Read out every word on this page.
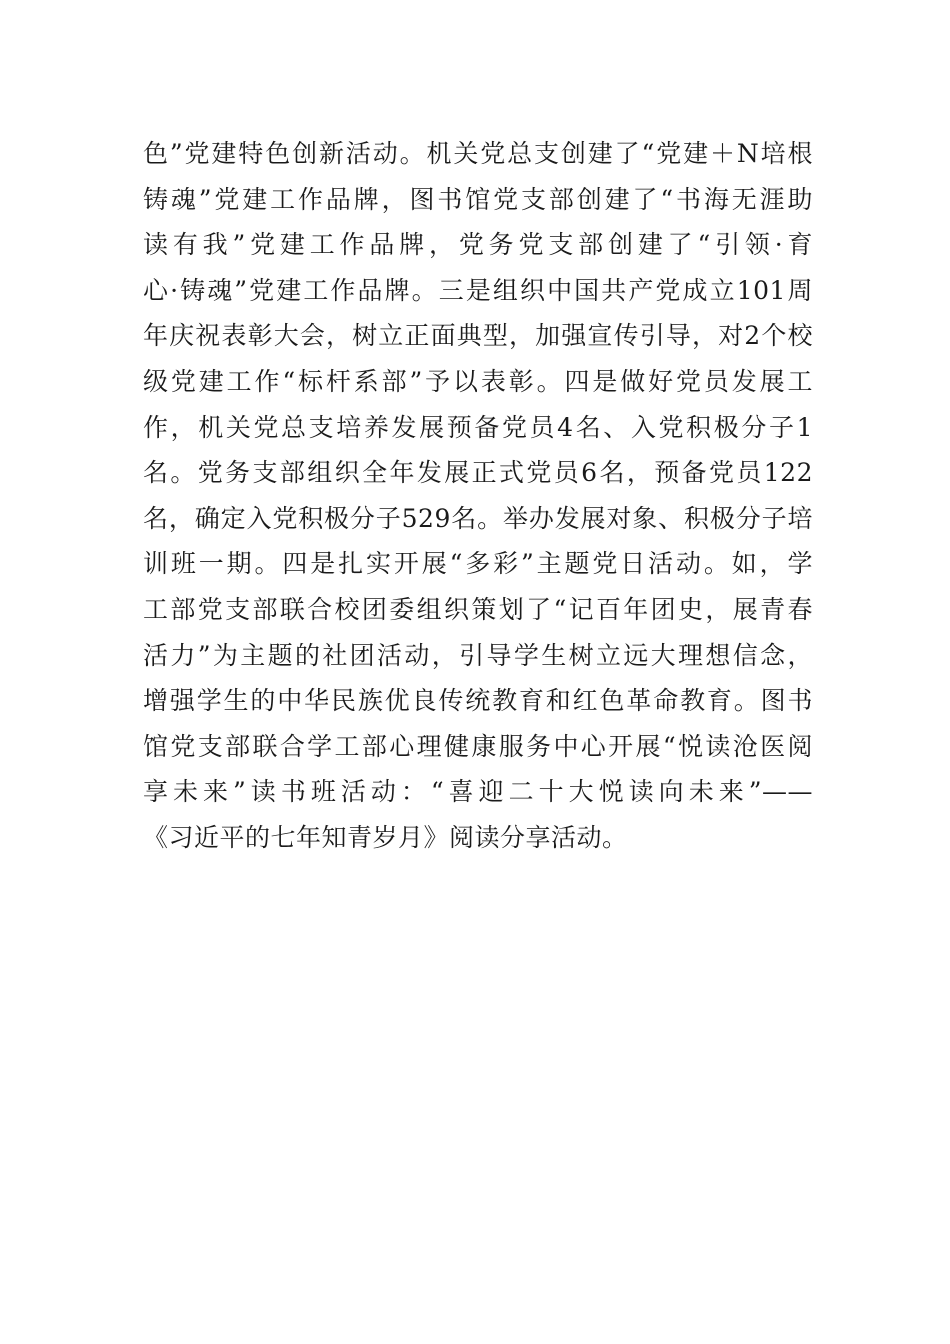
色”党建特色创新活动。机关党总支创建了“党建＋N培根
铸魂”党建工作品牌，图书馆党支部创建了“书海无涯助
读有我”党建工作品牌，党务党支部创建了“引领·育
心·铸魂”党建工作品牌。三是组织中国共产党成立101周
年庆祝表彰大会，树立正面典型，加强宣传引导，对2个校
级党建工作“标杆系部”予以表彰。四是做好党员发展工
作，机关党总支培养发展预备党员4名、入党积极分子1
名。党务支部组织全年发展正式党员6名，预备党员122
名，确定入党积极分子529名。举办发展对象、积极分子培
训班一期。四是扎实开展“多彩”主题党日活动。如，学
工部党支部联合校团委组织策划了“记百年团史，展青春
活力”为主题的社团活动，引导学生树立远大理想信念，
增强学生的中华民族优良传统教育和红色革命教育。图书
馆党支部联合学工部心理健康服务中心开展“悦读沧医阅
享未来”读书班活动：“喜迎二十大悦读向未来”——
《习近平的七年知青岁月》阅读分享活动。
